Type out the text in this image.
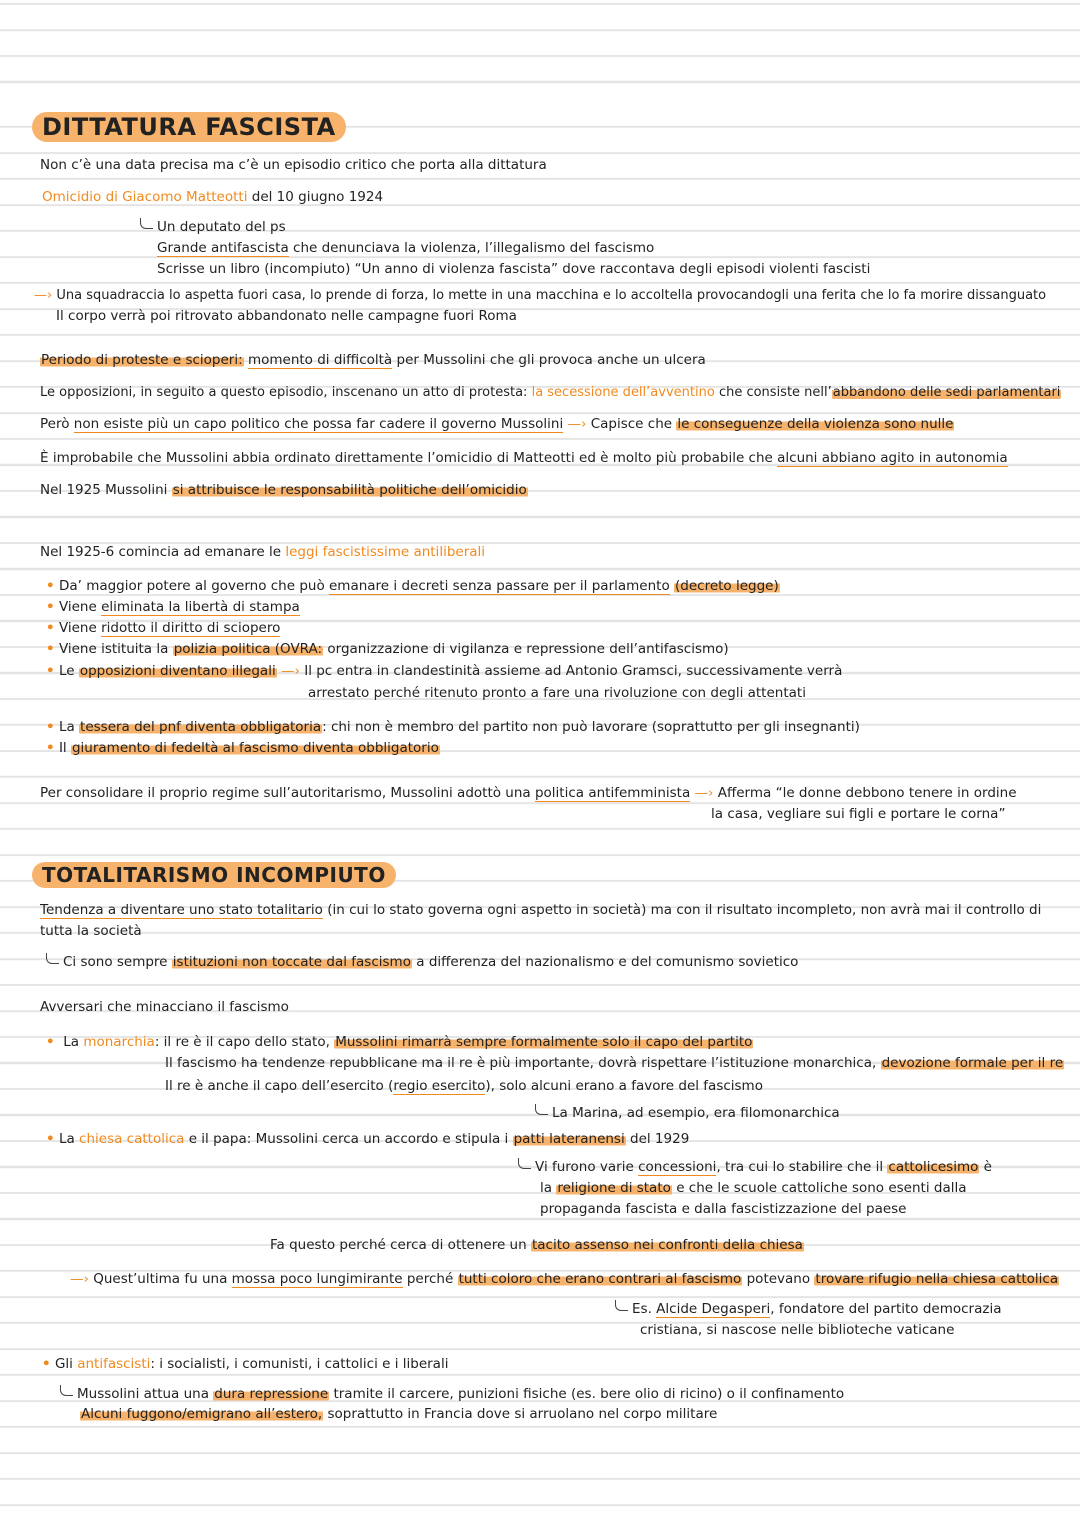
DITTATURA FASCISTA
Non c’è una data precisa ma c’è un episodio critico che porta alla dittatura
Omicidio di Giacomo Matteotti del 10 giugno 1924
Un deputato del ps
Grande antifascista che denunciava la violenza, l’illegalismo del fascismo
Scrisse un libro (incompiuto) “Un anno di violenza fascista” dove raccontava degli episodi violenti fascisti
—› Una squadraccia lo aspetta fuori casa, lo prende di forza, lo mette in una macchina e lo accoltella provocandogli una ferita che lo fa morire dissanguato
Il corpo verrà poi ritrovato abbandonato nelle campagne fuori Roma
Periodo di proteste e scioperi: momento di difficoltà per Mussolini che gli provoca anche un ulcera
Le opposizioni, in seguito a questo episodio, inscenano un atto di protesta: la secessione dell’avventino che consiste nell’abbandono delle sedi parlamentari
Però non esiste più un capo politico che possa far cadere il governo Mussolini —› Capisce che le conseguenze della violenza sono nulle
È improbabile che Mussolini abbia ordinato direttamente l’omicidio di Matteotti ed è molto più probabile che alcuni abbiano agito in autonomia
Nel 1925 Mussolini si attribuisce le responsabilità politiche dell’omicidio
Nel 1925-6 comincia ad emanare le leggi fascistissime antiliberali
• Da’ maggior potere al governo che può emanare i decreti senza passare per il parlamento (decreto legge)
• Viene eliminata la libertà di stampa
• Viene ridotto il diritto di sciopero
• Viene istituita la polizia politica (OVRA: organizzazione di vigilanza e repressione dell’antifascismo)
• Le opposizioni diventano illegali —› Il pc entra in clandestinità assieme ad Antonio Gramsci, successivamente verrà
arrestato perché ritenuto pronto a fare una rivoluzione con degli attentati
• La tessera del pnf diventa obbligatoria: chi non è membro del partito non può lavorare (soprattutto per gli insegnanti)
• Il giuramento di fedeltà al fascismo diventa obbligatorio
Per consolidare il proprio regime sull’autoritarismo, Mussolini adottò una politica antifemminista —› Afferma “le donne debbono tenere in ordine
la casa, vegliare sui figli e portare le corna”
TOTALITARISMO INCOMPIUTO
Tendenza a diventare uno stato totalitario (in cui lo stato governa ogni aspetto in società) ma con il risultato incompleto, non avrà mai il controllo di
tutta la società
Ci sono sempre istituzioni non toccate dal fascismo a differenza del nazionalismo e del comunismo sovietico
Avversari che minacciano il fascismo
• La monarchia: il re è il capo dello stato, Mussolini rimarrà sempre formalmente solo il capo del partito
Il fascismo ha tendenze repubblicane ma il re è più importante, dovrà rispettare l’istituzione monarchica, devozione formale per il re
Il re è anche il capo dell’esercito (regio esercito), solo alcuni erano a favore del fascismo
La Marina, ad esempio, era filomonarchica
• La chiesa cattolica e il papa: Mussolini cerca un accordo e stipula i patti lateranensi del 1929
Vi furono varie concessioni, tra cui lo stabilire che il cattolicesimo è
la religione di stato e che le scuole cattoliche sono esenti dalla
propaganda fascista e dalla fascistizzazione del paese
Fa questo perché cerca di ottenere un tacito assenso nei confronti della chiesa
—› Quest’ultima fu una mossa poco lungimirante perché tutti coloro che erano contrari al fascismo potevano trovare rifugio nella chiesa cattolica
Es. Alcide Degasperi, fondatore del partito democrazia
cristiana, si nascose nelle biblioteche vaticane
• Gli antifascisti: i socialisti, i comunisti, i cattolici e i liberali
Mussolini attua una dura repressione tramite il carcere, punizioni fisiche (es. bere olio di ricino) o il confinamento
Alcuni fuggono/emigrano all’estero, soprattutto in Francia dove si arruolano nel corpo militare
